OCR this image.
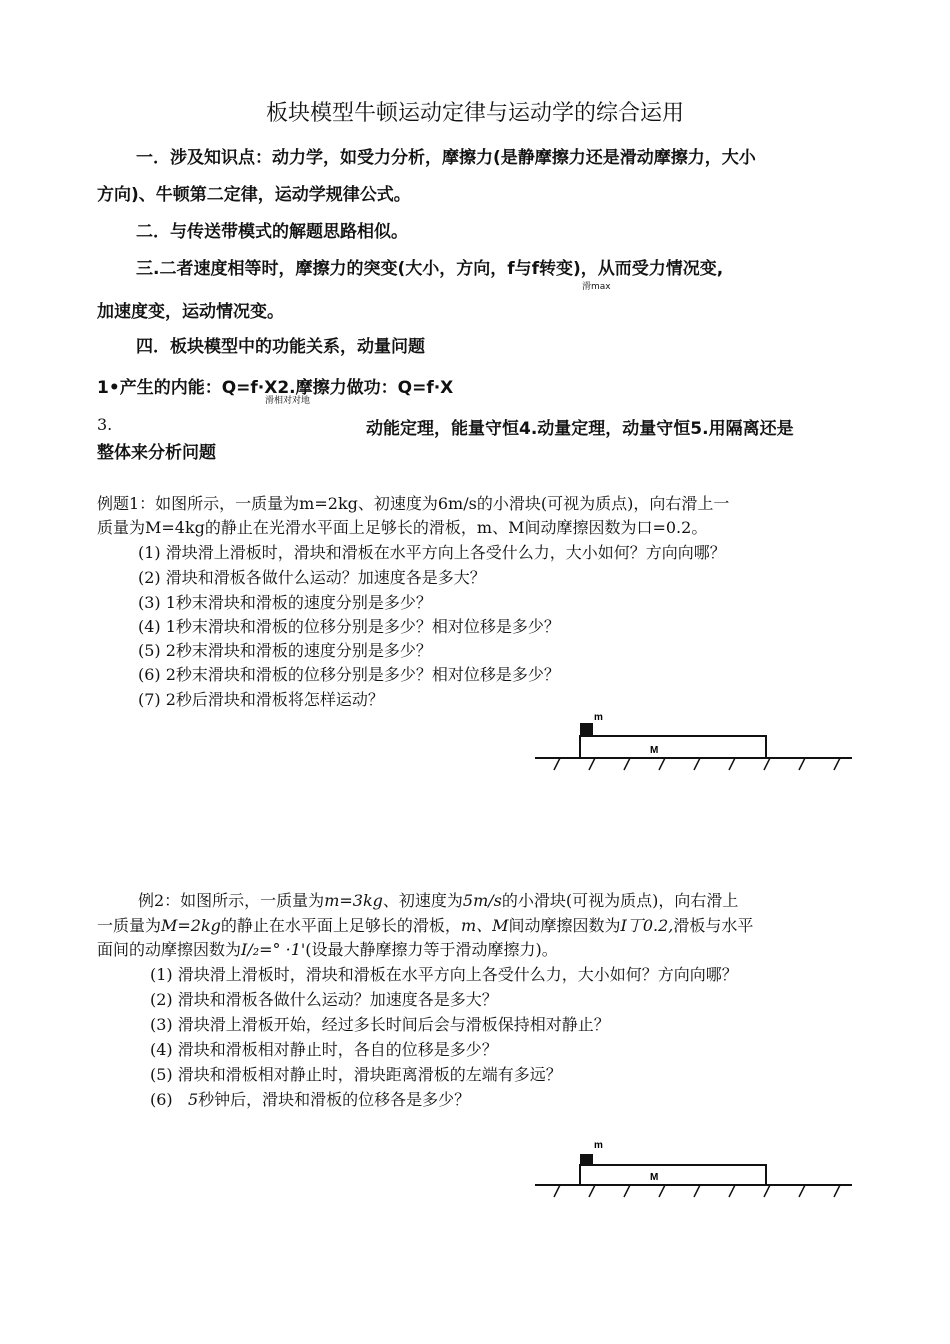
板块模型牛顿运动定律与运动学的综合运用
一．涉及知识点：动力学，如受力分析，摩擦力(是静摩擦力还是滑动摩擦力，大小
方向)、牛顿第二定律，运动学规律公式。
二．与传送带模式的解题思路相似。
三.二者速度相等时，摩擦力的突变(大小，方向，f与f转变)，从而受力情况变,
滑max
加速度变，运动情况变。
四．板块模型中的功能关系，动量问题
1•产生的内能：Q=f·X2.摩擦力做功：Q=f·X
滑相对对地
3.	动能定理，能量守恒4.动量定理，动量守恒5.用隔离还是
整体来分析问题
例题1：如图所示，一质量为m=2kg、初速度为6m/s的小滑块(可视为质点)，向右滑上一
质量为M=4kg的静止在光滑水平面上足够长的滑板，m、M间动摩擦因数为口=0.2。
(1) 滑块滑上滑板时，滑块和滑板在水平方向上各受什么力，大小如何？方向向哪？
(2) 滑块和滑板各做什么运动？加速度各是多大？
(3) 1秒末滑块和滑板的速度分别是多少？
(4) 1秒末滑块和滑板的位移分别是多少？相对位移是多少？
(5) 2秒末滑块和滑板的速度分别是多少？
(6) 2秒末滑块和滑板的位移分别是多少？相对位移是多少？
(7) 2秒后滑块和滑板将怎样运动？
m
M
例2：如图所示，一质量为m=3kg、初速度为5m/s的小滑块(可视为质点)，向右滑上
一质量为M=2kg的静止在水平面上足够长的滑板，m、M间动摩擦因数为𝐼丁0.2,滑板与水平
面间的动摩擦因数为𝐼/₂=° ·1'(设最大静摩擦力等于滑动摩擦力)。
(1) 滑块滑上滑板时，滑块和滑板在水平方向上各受什么力，大小如何？方向向哪？
(2) 滑块和滑板各做什么运动？加速度各是多大？
(3) 滑块滑上滑板开始，经过多长时间后会与滑板保持相对静止？
(4) 滑块和滑板相对静止时，各自的位移是多少？
(5) 滑块和滑板相对静止时，滑块距离滑板的左端有多远？
(6) 5秒钟后，滑块和滑板的位移各是多少？
m
M
